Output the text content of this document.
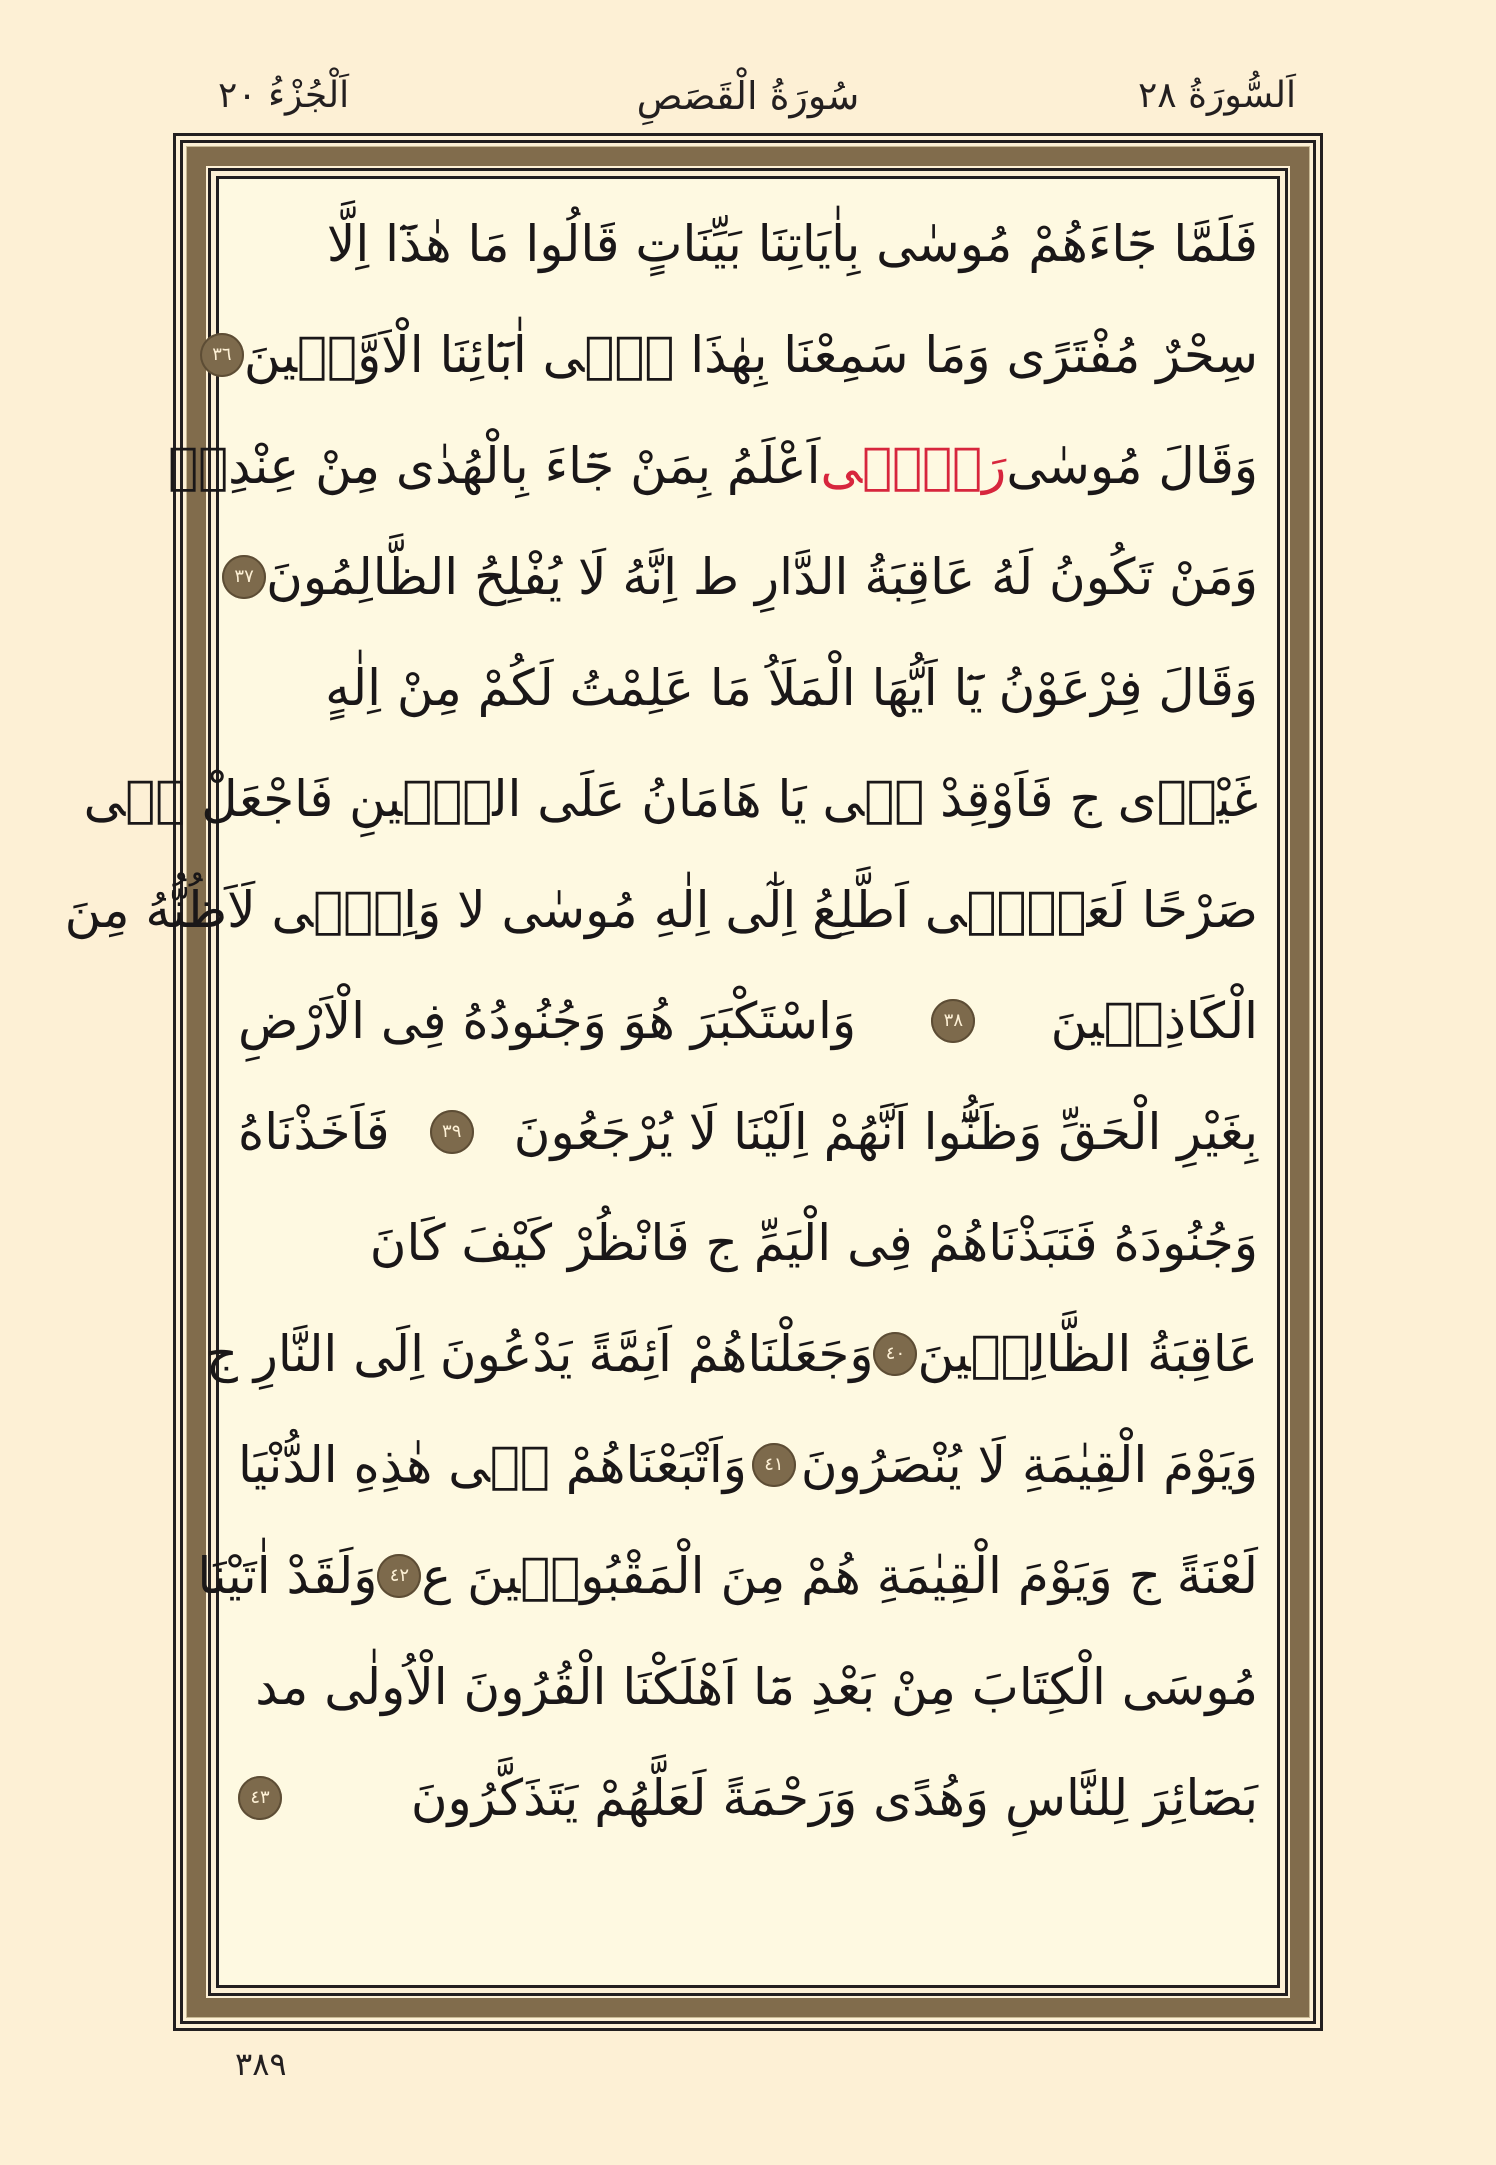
اَلْجُزْءُ ٢٠	سُورَةُ الْقَصَصِ	اَلسُّورَةُ ٢٨
فَلَمَّا جَٓاءَهُمْ مُوسٰى بِاٰيَاتِنَا بَيِّنَاتٍ قَالُوا مَا هٰذَٓا اِلَّا
سِحْرٌ مُفْتَرًى وَمَا سَمِعْنَا بِهٰذَا فٖٓى اٰبَٓائِنَا الْاَوَّلٖينَ
٣٦
وَقَالَ مُوسٰى
رَبّٖٓى
اَعْلَمُ بِمَنْ جَٓاءَ بِالْهُدٰى مِنْ عِنْدِهٖ
وَمَنْ تَكُونُ لَهُ عَاقِبَةُ الدَّارِ ط اِنَّهُ لَا يُفْلِحُ الظَّالِمُونَ
٣٧
وَقَالَ فِرْعَوْنُ يَٓا اَيُّهَا الْمَلَاُ مَا عَلِمْتُ لَكُمْ مِنْ اِلٰهٍ
غَيْرٖى ج فَاَوْقِدْ لٖى يَا هَامَانُ عَلَى الطّٖينِ فَاجْعَلْ لٖى
صَرْحًا لَعَلّٖٓى اَطَّلِعُ اِلٰٓى اِلٰهِ مُوسٰى لا وَاِنّٖى لَاَظُنُّهُ مِنَ
الْكَاذِبٖينَ
٣٨
وَاسْتَكْبَرَ هُوَ وَجُنُودُهُ فِى الْاَرْضِ
بِغَيْرِ الْحَقِّ وَظَنُّٓوا اَنَّهُمْ اِلَيْنَا لَا يُرْجَعُونَ
٣٩
فَاَخَذْنَاهُ
وَجُنُودَهُ فَنَبَذْنَاهُمْ فِى الْيَمِّ ج فَانْظُرْ كَيْفَ كَانَ
عَاقِبَةُ الظَّالِمٖينَ
٤٠
وَجَعَلْنَاهُمْ اَئِمَّةً يَدْعُونَ اِلَى النَّارِ ج
وَيَوْمَ الْقِيٰمَةِ لَا يُنْصَرُونَ
٤١
وَاَتْبَعْنَاهُمْ فٖى هٰذِهِ الدُّنْيَا
لَعْنَةً ج وَيَوْمَ الْقِيٰمَةِ هُمْ مِنَ الْمَقْبُوحٖينَ ع
٤٢
وَلَقَدْ اٰتَيْنَا
مُوسَى الْكِتَابَ مِنْ بَعْدِ مَٓا اَهْلَكْنَا الْقُرُونَ الْاُولٰى مد
بَصَٓائِرَ لِلنَّاسِ وَهُدًى وَرَحْمَةً لَعَلَّهُمْ يَتَذَكَّرُونَ
٤٣
٣٨٩
